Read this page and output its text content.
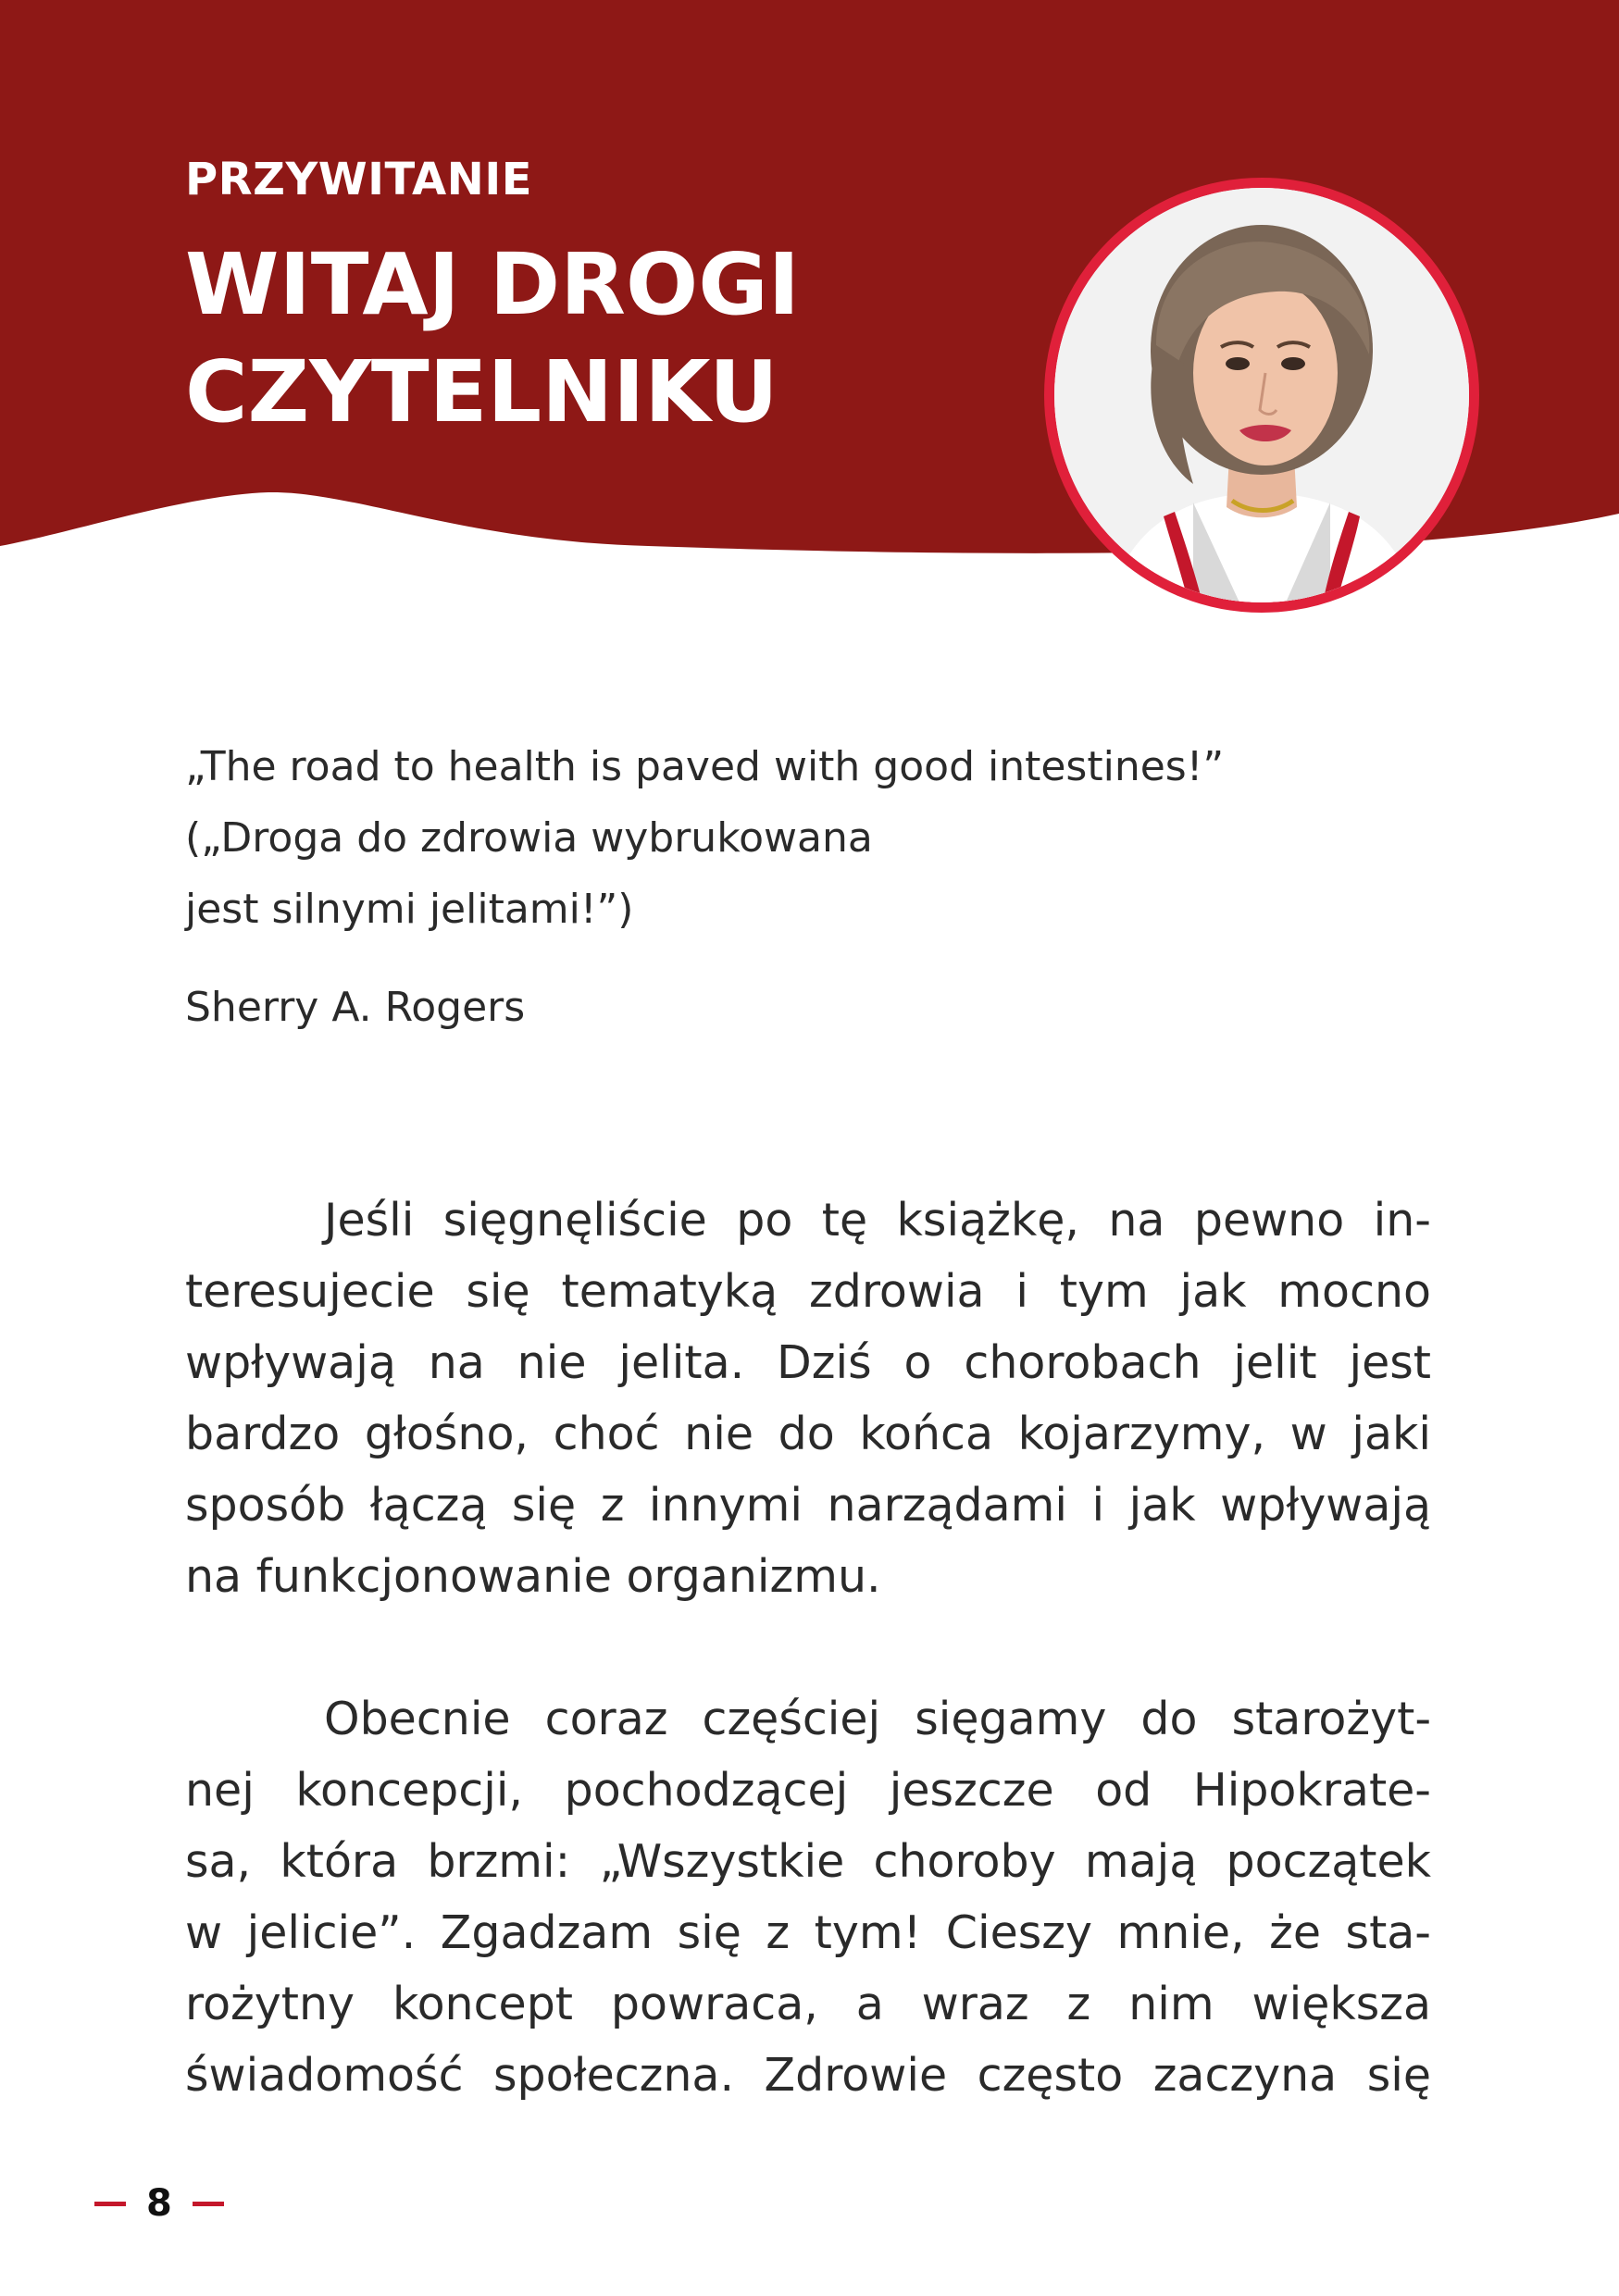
PRZYWITANIE
WITAJ DROGI
CZYTELNIKU
„The road to health is paved with good intestines!”
(„Droga do zdrowia wybrukowana
jest silnymi jelitami!”)
Sherry A. Rogers

Jeśli sięgnęliście po tę książkę, na pewno in-
teresujecie się tematyką zdrowia i tym jak mocno
wpływają na nie jelita. Dziś o chorobach jelit jest
bardzo głośno, choć nie do końca kojarzymy, w jaki
sposób łączą się z innymi narządami i jak wpływają
na funkcjonowanie organizmu.

Obecnie coraz częściej sięgamy do starożyt-
nej koncepcji, pochodzącej jeszcze od Hipokrate-
sa, która brzmi: „Wszystkie choroby mają początek
w jelicie”. Zgadzam się z tym! Cieszy mnie, że sta-
rożytny koncept powraca, a wraz z nim większa
świadomość społeczna. Zdrowie często zaczyna się

8
